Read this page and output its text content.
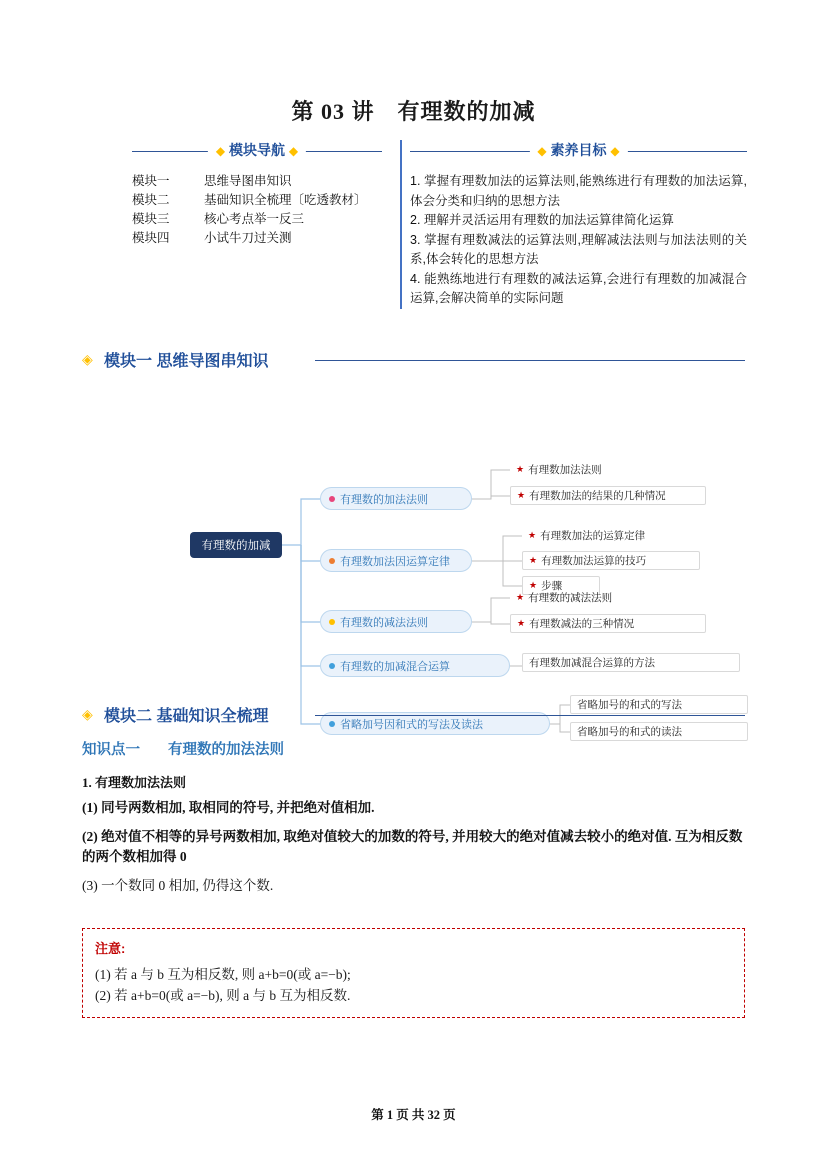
第 03 讲　有理数的加减
◆ 模块导航 ◆
模块一	思维导图串知识
模块二	基础知识全梳理〔吃透教材〕
模块三	核心考点举一反三
模块四	小试牛刀过关测
◆ 素养目标 ◆
1. 掌握有理数加法的运算法则,能熟练进行有理数的加法运算,体会分类和归纳的思想方法
2. 理解并灵活运用有理数的加法运算律简化运算
3. 掌握有理数减法的运算法则,理解减法法则与加法法则的关系,体会转化的思想方法
4. 能熟练地进行有理数的减法运算,会进行有理数的加减混合运算,会解决简单的实际问题
◈ 模块一 思维导图串知识
有理数的加减
有理数的加法法则
有理数加法因运算定律
有理数的减法法则
有理数的加减混合运算
省略加号因和式的写法及读法
★ 有理数加法法则
★ 有理数加法的结果的几种情况
★ 有理数加法的运算定律
★ 有理数加法运算的技巧
★ 步骤
★ 有理数的减法法则
★ 有理数减法的三种情况
有理数加减混合运算的方法
省略加号的和式的写法
省略加号的和式的读法
◈ 模块二 基础知识全梳理
知识点一 有理数的加法法则
1. 有理数加法法则
(1) 同号两数相加, 取相同的符号, 并把绝对值相加.
(2) 绝对值不相等的异号两数相加, 取绝对值较大的加数的符号, 并用较大的绝对值减去较小的绝对值. 互为相反数的两个数相加得 0
(3) 一个数同 0 相加, 仍得这个数.
注意:
(1) 若 a 与 b 互为相反数, 则 a+b=0(或 a=−b);
(2) 若 a+b=0(或 a=−b), 则 a 与 b 互为相反数.
第 1 页 共 32 页
